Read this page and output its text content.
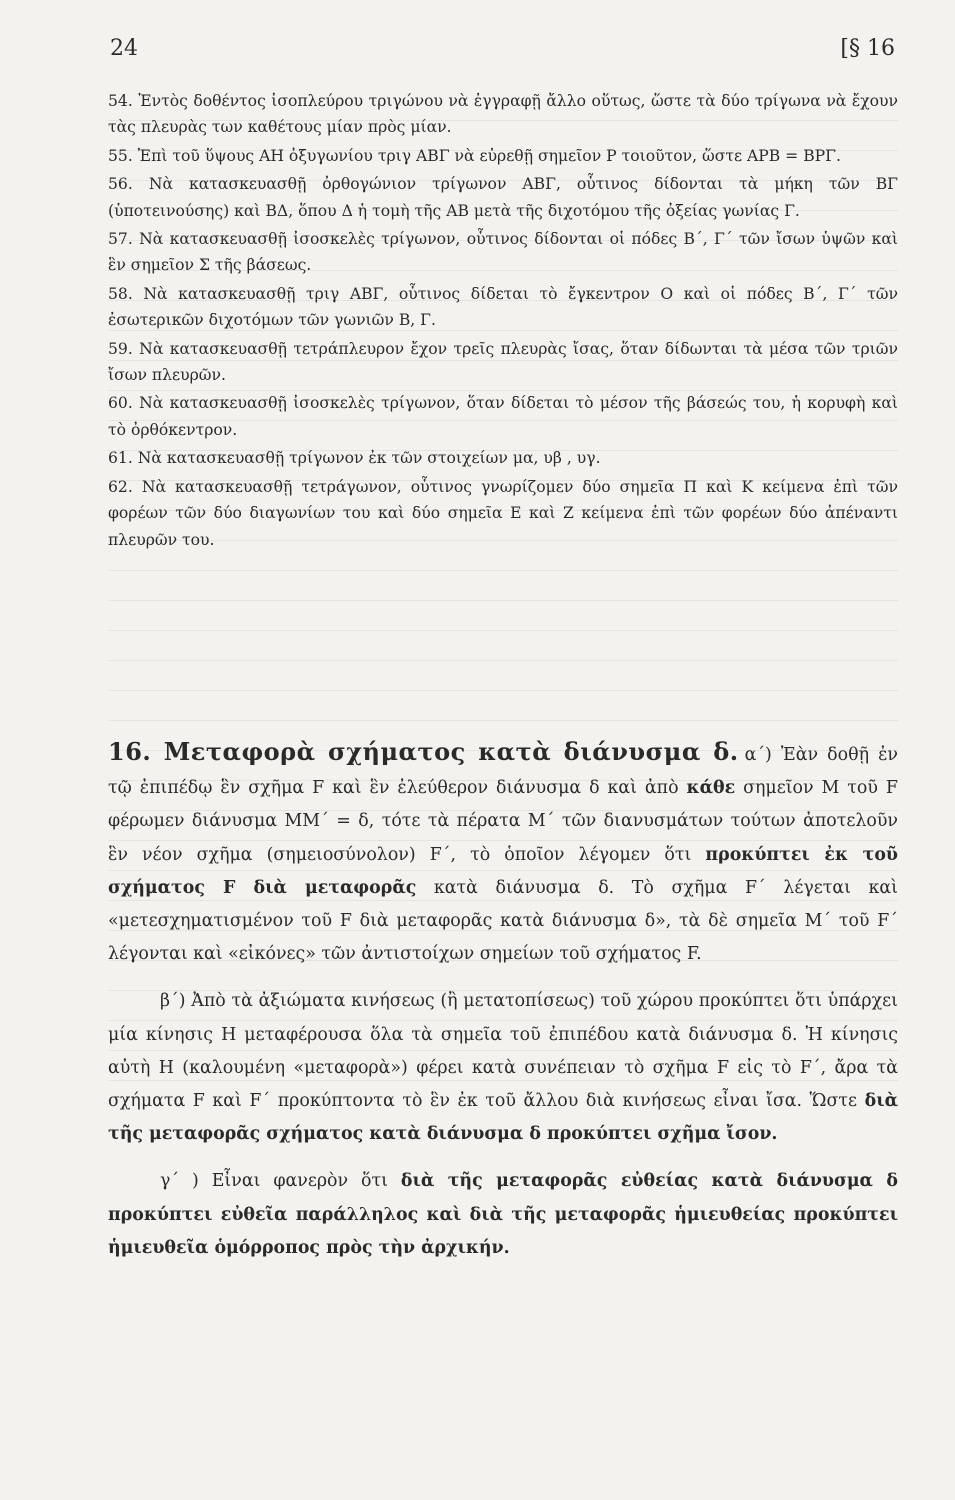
24	[§ 16

54. Ἐντὸς δοθέντος ἰσοπλεύρου τριγώνου νὰ ἐγγραφῇ ἄλλο οὕτως, ὥστε τὰ δύο τρίγωνα νὰ ἔχουν τὰς πλευρὰς των καθέτους μίαν πρὸς μίαν.

55. Ἐπὶ τοῦ ὕψους ΑΗ ὀξυγωνίου τριγ ΑΒΓ νὰ εὑρεθῇ σημεῖον Ρ τοιοῦτον, ὥστε ΑΡΒ = ΒΡΓ.

56. Νὰ κατασκευασθῇ ὀρθογώνιον τρίγωνον ΑΒΓ, οὗτινος δίδονται τὰ μήκη τῶν ΒΓ (ὑποτεινούσης) καὶ ΒΔ, ὅπου Δ ἡ τομὴ τῆς ΑΒ μετὰ τῆς διχοτόμου τῆς ὀξείας γωνίας Γ.

57. Νὰ κατασκευασθῇ ἰσοσκελὲς τρίγωνον, οὗτινος δίδονται οἱ πόδες Β΄, Γ΄ τῶν ἴσων ὑψῶν καὶ ἓν σημεῖον Σ τῆς βάσεως.

58. Νὰ κατασκευασθῇ τριγ ΑΒΓ, οὗτινος δίδεται τὸ ἔγκεντρον Ο καὶ οἱ πόδες Β΄, Γ΄ τῶν ἐσωτερικῶν διχοτόμων τῶν γωνιῶν Β, Γ.

59. Νὰ κατασκευασθῇ τετράπλευρον ἔχον τρεῖς πλευρὰς ἴσας, ὅταν δίδωνται τὰ μέσα τῶν τριῶν ἴσων πλευρῶν.

60. Νὰ κατασκευασθῇ ἰσοσκελὲς τρίγωνον, ὅταν δίδεται τὸ μέσον τῆς βάσεώς του, ἡ κορυφὴ καὶ τὸ ὀρθόκεντρον.

61. Νὰ κατασκευασθῇ τρίγωνον ἐκ τῶν στοιχείων μα, υβ , υγ.

62. Νὰ κατασκευασθῇ τετράγωνον, οὗτινος γνωρίζομεν δύο σημεῖα Π καὶ Κ κείμενα ἐπὶ τῶν φορέων τῶν δύο διαγωνίων του καὶ δύο σημεῖα Ε καὶ Ζ κείμενα ἐπὶ τῶν φορέων δύο ἀπέναντι πλευρῶν του.

16. Μεταφορὰ σχήματος κατὰ διάνυσμα δ. α΄) Ἐὰν δοθῇ ἐν τῷ ἐπιπέδῳ ἓν σχῆμα F καὶ ἓν ἐλεύθερον διάνυσμα δ καὶ ἀπὸ κάθε σημεῖον Μ τοῦ F φέρωμεν διάνυσμα ΜΜ΄ = δ, τότε τὰ πέρατα Μ΄ τῶν διανυσμάτων τούτων ἀποτελοῦν ἓν νέον σχῆμα (σημειοσύνολον) F΄, τὸ ὁποῖον λέγομεν ὅτι προκύπτει ἐκ τοῦ σχήματος F διὰ μεταφορᾶς κατὰ διάνυσμα δ. Τὸ σχῆμα F΄ λέγεται καὶ «μετεσχηματισμένον τοῦ F διὰ μεταφορᾶς κατὰ διάνυσμα δ», τὰ δὲ σημεῖα Μ΄ τοῦ F΄ λέγονται καὶ «εἰκόνες» τῶν ἀντιστοίχων σημείων τοῦ σχήματος F.

β΄) Ἀπὸ τὰ ἀξιώματα κινήσεως (ἢ μετατοπίσεως) τοῦ χώρου προκύπτει ὅτι ὑπάρχει μία κίνησις Η μεταφέρουσα ὅλα τὰ σημεῖα τοῦ ἐπιπέδου κατὰ διάνυσμα δ. Ἡ κίνησις αὐτὴ Η (καλουμένη «μεταφορὰ») φέρει κατὰ συνέπειαν τὸ σχῆμα F εἰς τὸ F΄, ἄρα τὰ σχήματα F καὶ F΄ προκύπτοντα τὸ ἓν ἐκ τοῦ ἄλλου διὰ κινήσεως εἶναι ἴσα. Ὥστε διὰ τῆς μεταφορᾶς σχήματος κατὰ διάνυσμα δ προκύπτει σχῆμα ἴσον.

γ΄ ) Εἶναι φανερὸν ὅτι διὰ τῆς μεταφορᾶς εὐθείας κατὰ διάνυσμα δ προκύπτει εὐθεῖα παράλληλος καὶ διὰ τῆς μεταφορᾶς ἡμιευθείας προκύπτει ἡμιευθεῖα ὁμόρροπος πρὸς τὴν ἀρχικήν.
